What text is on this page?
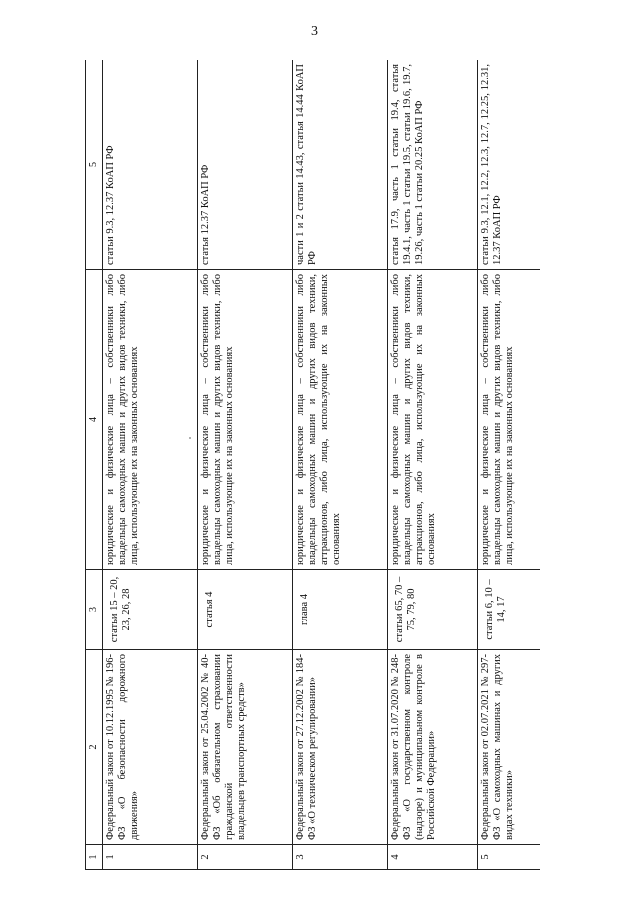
3
1	2	3	4	5
1	Федеральный закон от 10.12.1995 № 196-ФЗ «О безопасности дорожного движения»	статьи 15 – 20, 23, 26, 28	юридические и физические лица – собственники либо владельцы самоходных машин и других видов техники, либо лица, использующие их на законных основаниях	статьи 9.3, 12.37 КоАП РФ
2	Федеральный закон от 25.04.2002 № 40-ФЗ «Об обязательном страховании гражданской ответственности владельцев транспортных средств»	статья 4	юридические и физические лица – собственники либо владельцы самоходных машин и других видов техники, либо лица, использующие их на законных основаниях	статья 12.37 КоАП РФ
3	Федеральный закон от 27.12.2002 № 184-ФЗ «О техническом регулировании»	глава 4	юридические и физические лица – собственники либо владельцы самоходных машин и других видов техники, аттракционов, либо лица, использующие их на законных основаниях	части 1 и 2 статьи 14.43, статья 14.44 КоАП РФ
4	Федеральный закон от 31.07.2020 № 248-ФЗ «О государственном контроле (надзоре) и муниципальном контроле в Российской Федерации»	статьи 65, 70 – 75, 79, 80	юридические и физические лица – собственники либо владельцы самоходных машин и других видов техники, аттракционов, либо лица, использующие их на законных основаниях	статья 17.9, часть 1 статьи 19.4, статья 19.4.1, часть 1 статьи 19.5, статьи 19.6, 19.7, 19.26, часть 1 статьи 20.25 КоАП РФ
5	Федеральный закон от 02.07.2021 № 297-ФЗ «О самоходных машинах и других видах техники»	статьи 6, 10 – 14, 17	юридические и физические лица – собственники либо владельцы самоходных машин и других видов техники, либо лица, использующие их на законных основаниях	статьи 9.3, 12.1, 12.2, 12.3, 12.7, 12.25, 12.31, 12.37 КоАП РФ
